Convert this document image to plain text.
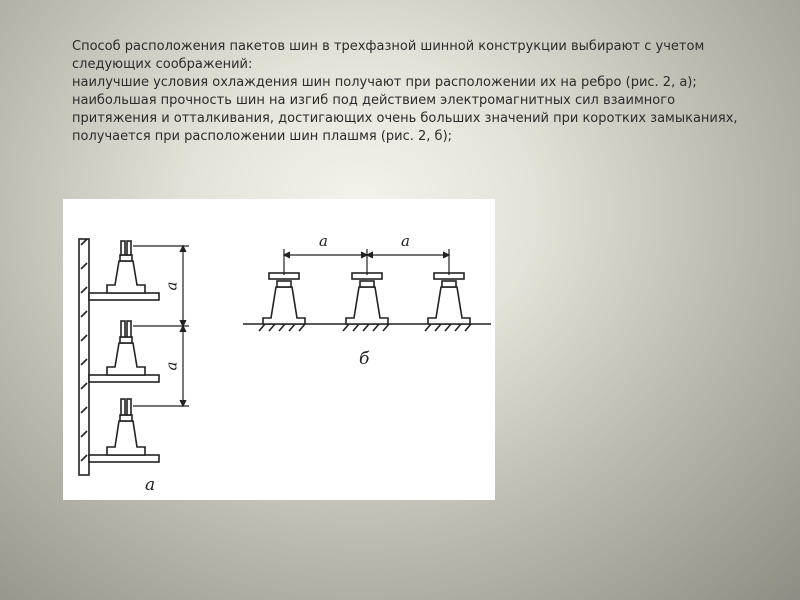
Способ расположения пакетов шин в трехфазной шинной конструкции выбирают с учетом следующих соображений:

наилучшие условия охлаждения шин получают при расположении их на ребро (рис. 2, а);

наибольшая прочность шин на изгиб под действием электромагнитных сил взаимного притяжения и отталкивания, достигающих очень больших значений при коротких замыканиях, получается при расположении шин плашмя (рис. 2, б);

а
а
а	а
б
а
